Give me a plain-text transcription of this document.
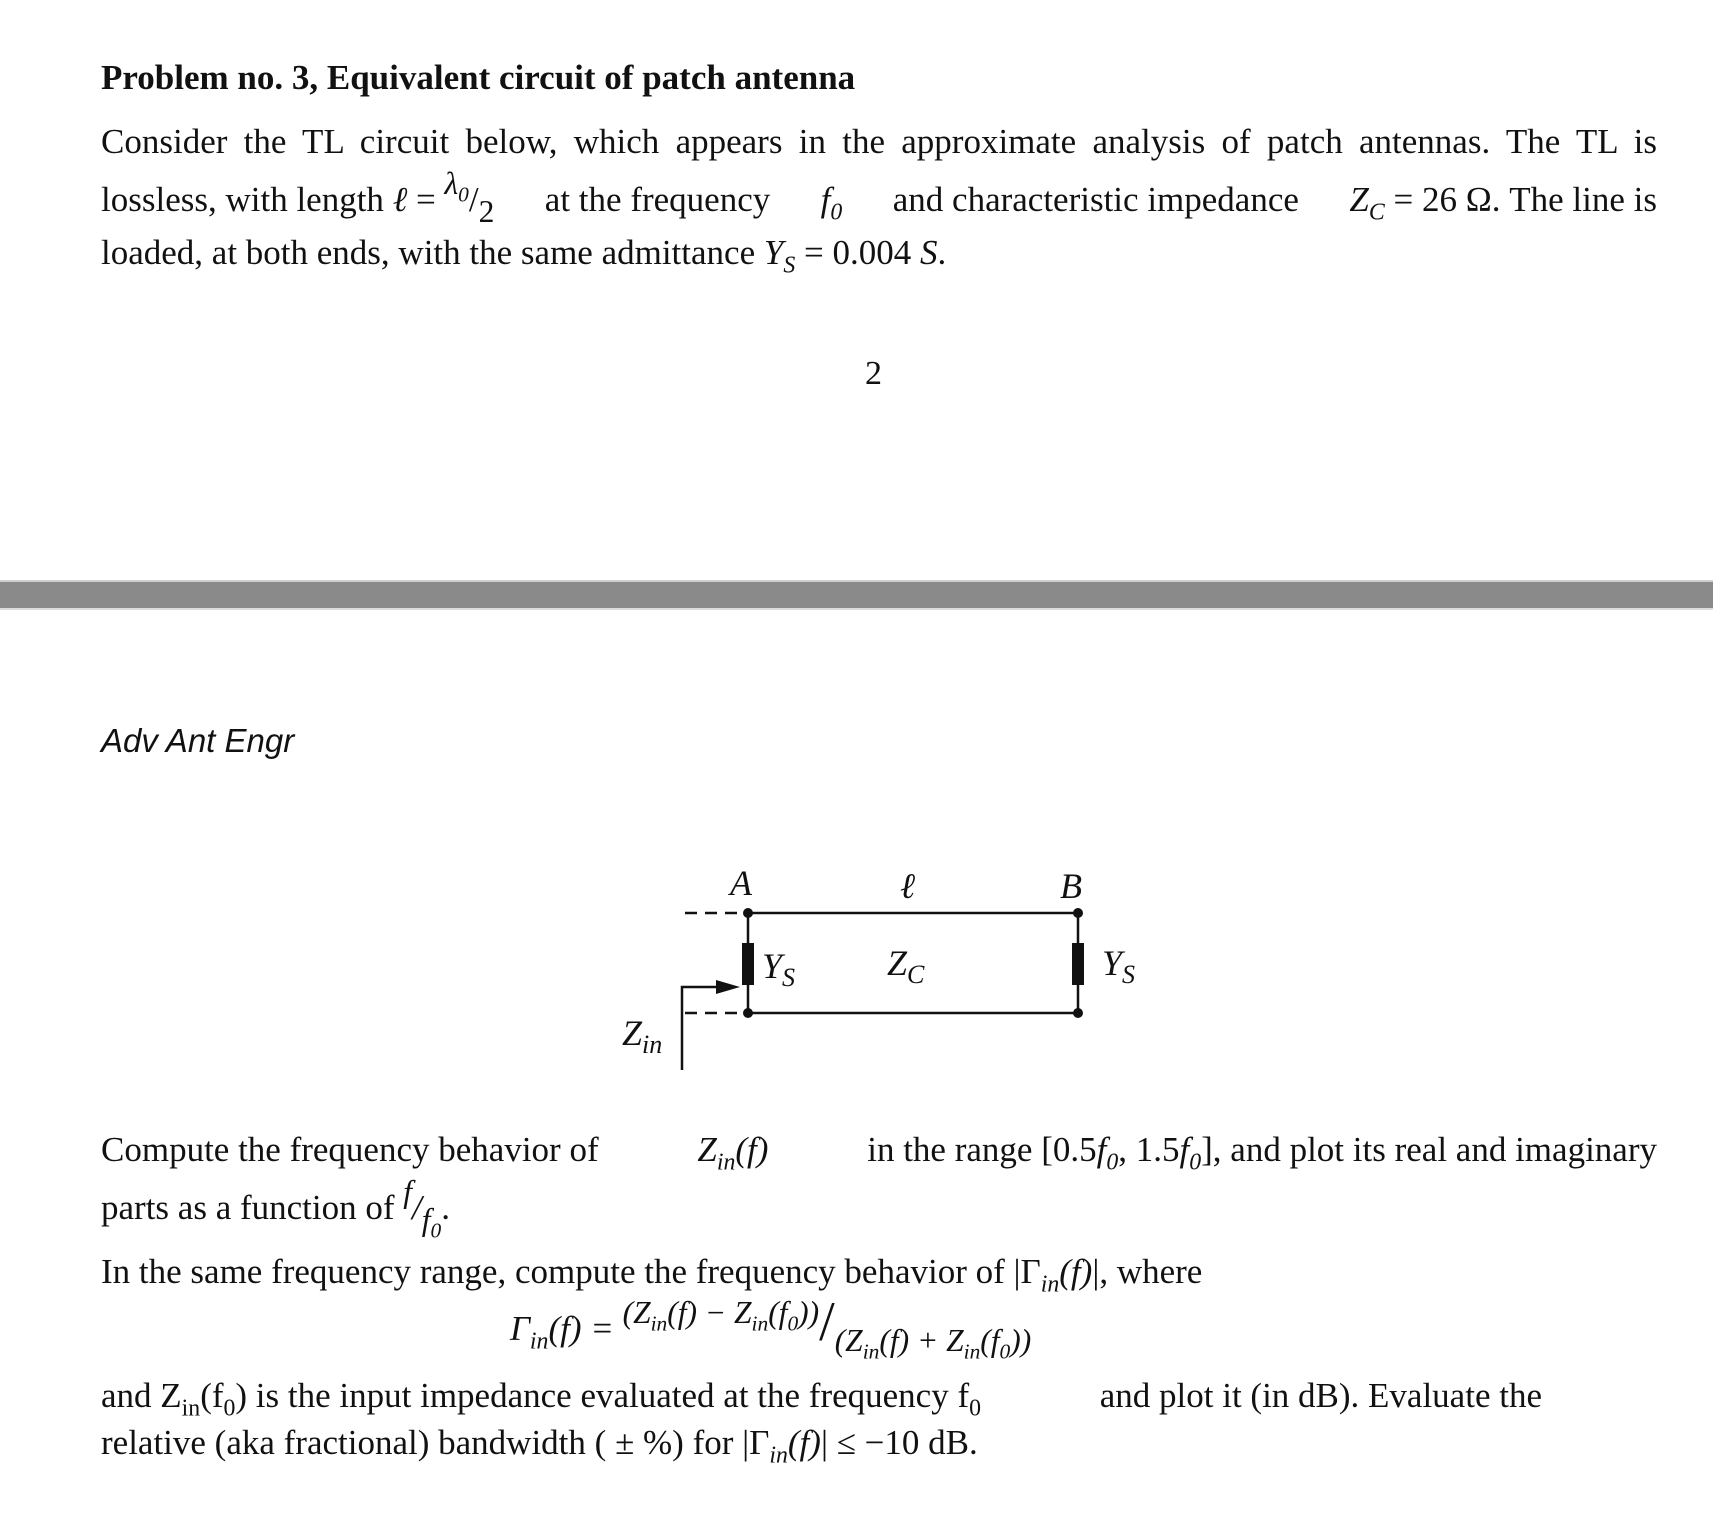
Problem no. 3, Equivalent circuit of patch antenna
Consider the TL circuit below, which appears in the approximate analysis of patch antennas. The TL is
lossless, with length ℓ = $\lambda_0/2$ at the frequency $f_0$ and characteristic impedance $Z_C = 26$ Ω. The line is
loaded, at both ends, with the same admittance $Y_S = 0.004$ S.
2
Adv Ant Engr
A	B
ℓ
$Z_C$
$Y_S$	$Y_S$
$Z_{in}$
Compute the frequency behavior of	$Z_{in}(f)$	in the range [$0.5f_0$, $1.5f_0$], and plot its real and imaginary
parts as a function of $f/f_0$.
In the same frequency range, compute the frequency behavior of $|\Gamma_{in}(f)|$, where
$\Gamma_{in}(f) = (Z_{in}(f) - Z_{in}(f_0))/(Z_{in}(f) + Z_{in}(f_0))$
and $Z_{in}(f_0)$ is the input impedance evaluated at the frequency $f_0$	and plot it (in dB). Evaluate the
relative (aka fractional) bandwidth ( ± %) for $|\Gamma_{in}(f)| \le -10$ dB.
